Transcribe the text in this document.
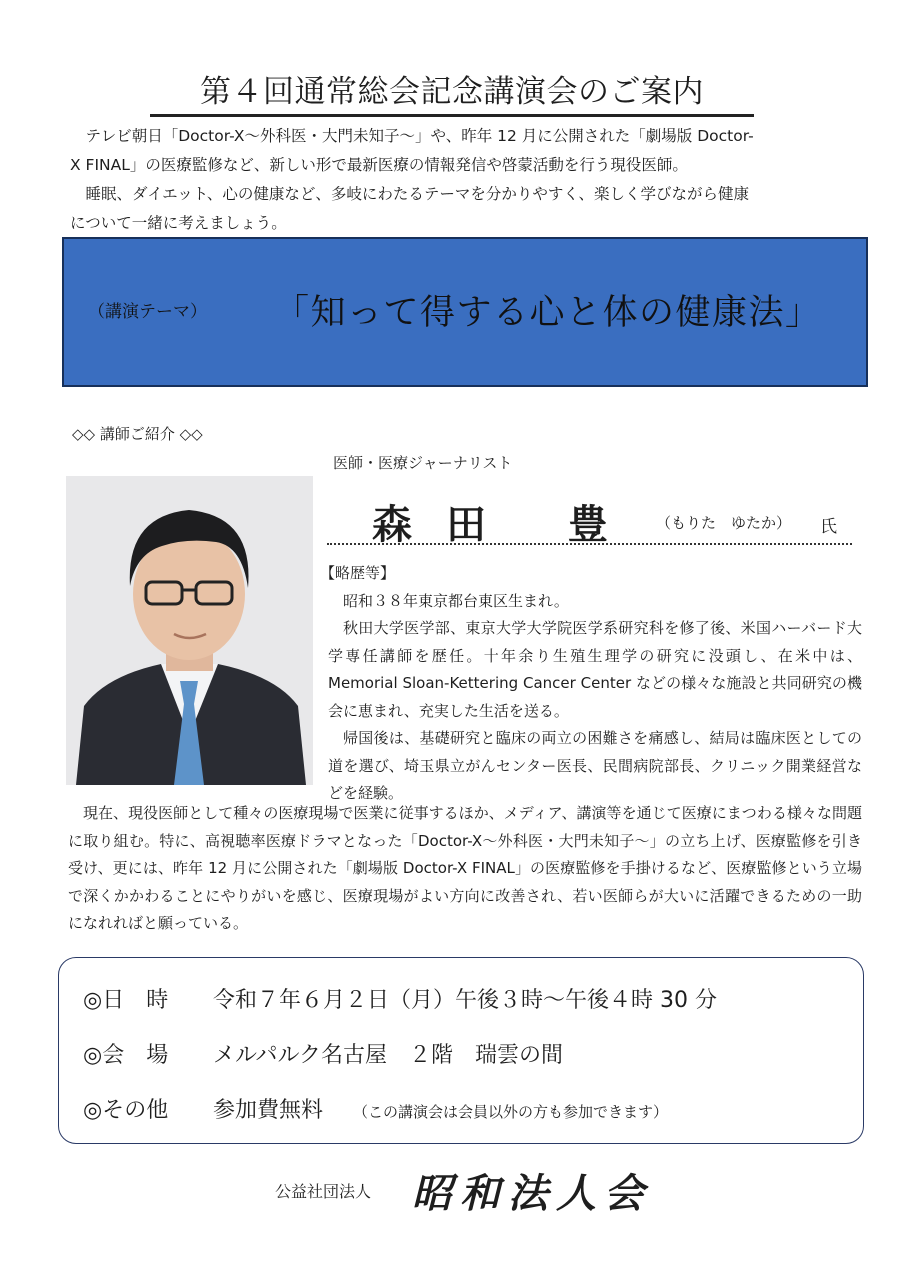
第４回通常総会記念講演会のご案内

テレビ朝日「Doctor-X～外科医・大門未知子～」や、昨年 12 月に公開された「劇場版 Doctor-

X FINAL」の医療監修など、新しい形で最新医療の情報発信や啓蒙活動を行う現役医師。

睡眠、ダイエット、心の健康など、多岐にわたるテーマを分かりやすく、楽しく学びながら健康

について一緒に考えましょう。

（講演テーマ） 「知って得する心と体の健康法」
◇◇ 講師ご紹介 ◇◇
医師・医療ジャーナリスト
森田 豊 （もりた　ゆたか） 氏

【略歴等】

昭和３８年東京都台東区生まれ。

秋田大学医学部、東京大学大学院医学系研究科を修了後、米国ハーバード大学専任講師を歴任。十年余り生殖生理学の研究に没頭し、在米中は、Memorial Sloan-Kettering Cancer Center などの様々な施設と共同研究の機会に恵まれ、充実した生活を送る。

帰国後は、基礎研究と臨床の両立の困難さを痛感し、結局は臨床医としての道を選び、埼玉県立がんセンター医長、民間病院部長、クリニック開業経営などを経験。

現在、現役医師として種々の医療現場で医業に従事するほか、メディア、講演等を通じて医療にまつわる様々な問題に取り組む。特に、高視聴率医療ドラマとなった「Doctor-X～外科医・大門未知子～」の立ち上げ、医療監修を引き受け、更には、昨年 12 月に公開された「劇場版 Doctor-X FINAL」の医療監修を手掛けるなど、医療監修という立場で深くかかわることにやりがいを感じ、医療現場がよい方向に改善され、若い医師らが大いに活躍できるための一助になれればと願っている。
◎日　時 令和７年６月２日（月）午後３時～午後４時 30 分
◎会　場 メルパルク名古屋　２階　瑞雲の間
◎その他 参加費無料 （この講演会は会員以外の方も参加できます）
公益社団法人 昭和法人会
